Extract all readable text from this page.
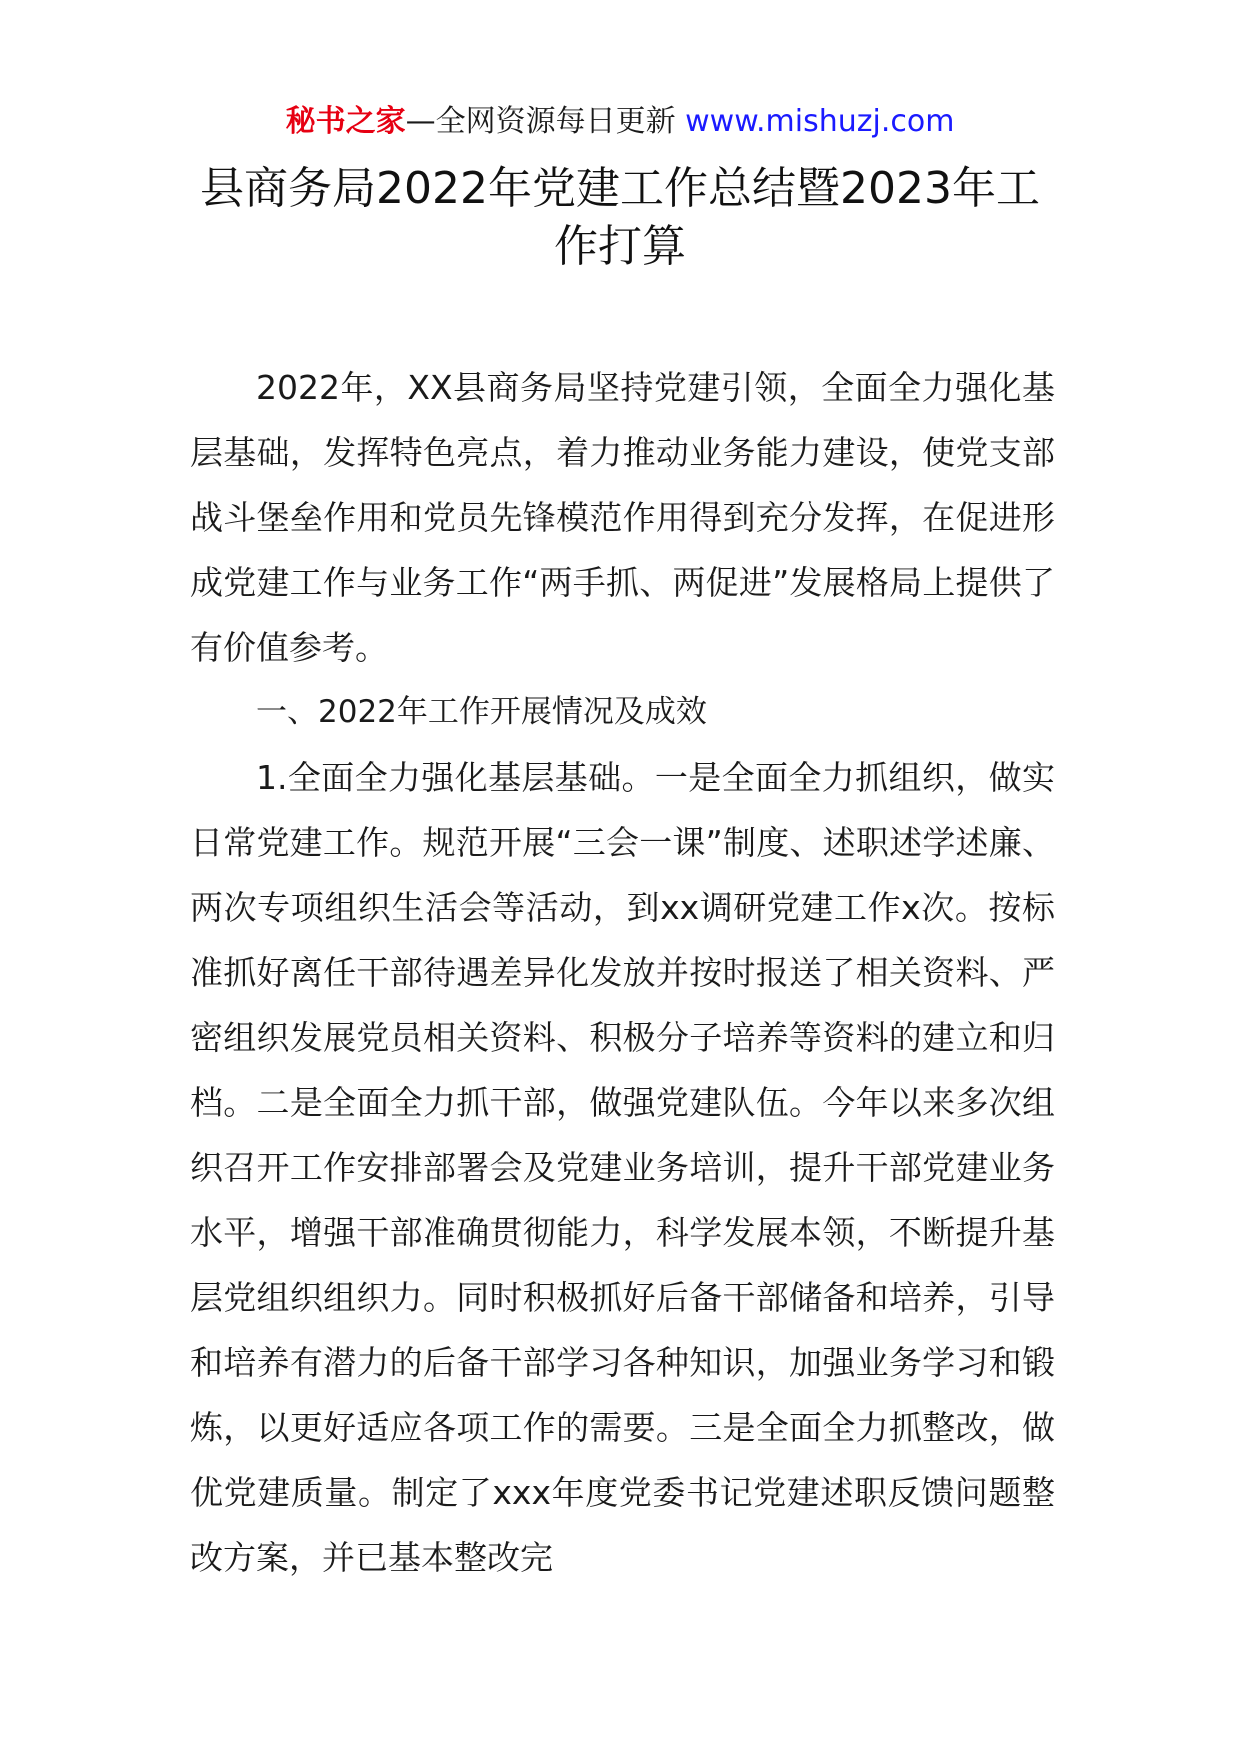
秘书之家—全网资源每日更新 www.mishuzj.com
县商务局2022年党建工作总结暨2023年工作打算

2022年，XX县商务局坚持党建引领，全面全力强化基层基础，发挥特色亮点，着力推动业务能力建设，使党支部战斗堡垒作用和党员先锋模范作用得到充分发挥，在促进形成党建工作与业务工作“两手抓、两促进”发展格局上提供了有价值参考。

一、2022年工作开展情况及成效

1.全面全力强化基层基础。一是全面全力抓组织，做实日常党建工作。规范开展“三会一课”制度、述职述学述廉、两次专项组织生活会等活动，到xx调研党建工作x次。按标准抓好离任干部待遇差异化发放并按时报送了相关资料、严密组织发展党员相关资料、积极分子培养等资料的建立和归档。二是全面全力抓干部，做强党建队伍。今年以来多次组织召开工作安排部署会及党建业务培训，提升干部党建业务水平，增强干部准确贯彻能力，科学发展本领，不断提升基层党组织组织力。同时积极抓好后备干部储备和培养，引导和培养有潜力的后备干部学习各种知识，加强业务学习和锻炼，以更好适应各项工作的需要。三是全面全力抓整改，做优党建质量。制定了xxx年度党委书记党建述职反馈问题整改方案，并已基本整改完
